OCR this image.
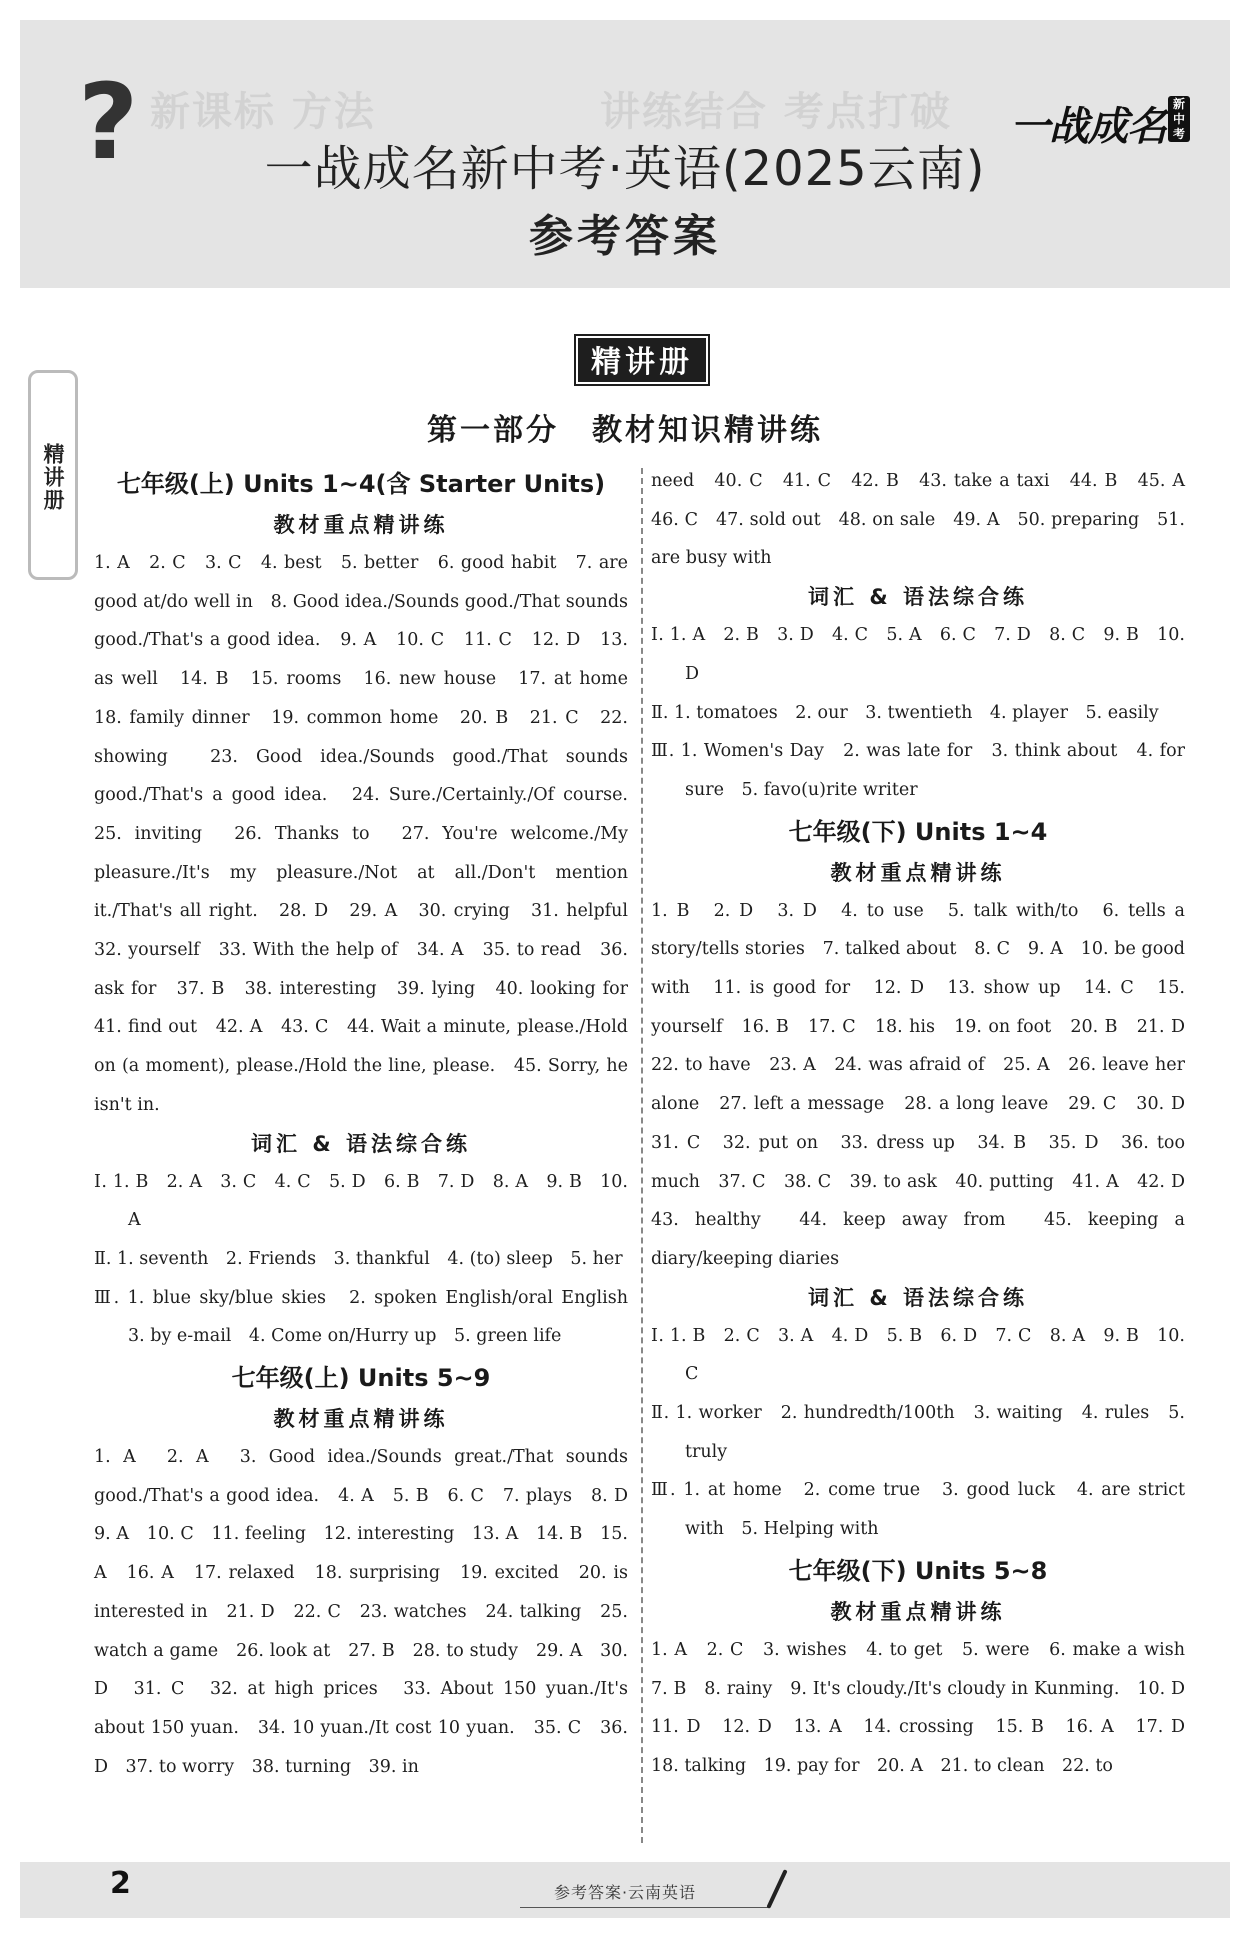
新课标 方法	讲练结合 考点打破
?	一战成名 新中考
一战成名新中考·英语(2025云南)
参考答案
精讲册
精讲册
第一部分　教材知识精讲练
七年级(上) Units 1~4(含 Starter Units)
教材重点精讲练
1. A　2. C　3. C　4. best　5. better　6. good habit　7. are good at/do well in　8. Good idea./Sounds good./That sounds good./That's a good idea.　9. A　10. C　11. C　12. D　13. as well　14. B　15. rooms　16. new house　17. at home　18. family dinner　19. common home　20. B　21. C　22. showing　23. Good idea./Sounds good./That sounds good./That's a good idea.　24. Sure./Certainly./Of course.　25. inviting　26. Thanks to　27. You're welcome./My pleasure./It's my pleasure./Not at all./Don't mention it./That's all right.　28. D　29. A　30. crying　31. helpful　32. yourself　33. With the help of　34. A　35. to read　36. ask for　37. B　38. interesting　39. lying　40. looking for　41. find out　42. A　43. C　44. Wait a minute, please./Hold on (a moment), please./Hold the line, please.　45. Sorry, he isn't in.
词汇 & 语法综合练
Ⅰ. 1. B　2. A　3. C　4. C　5. D　6. B　7. D　8. A　9. B　10. A
Ⅱ. 1. seventh　2. Friends　3. thankful　4. (to) sleep　5. her
Ⅲ. 1. blue sky/blue skies　2. spoken English/oral English　3. by e-mail　4. Come on/Hurry up　5. green life
七年级(上) Units 5~9
教材重点精讲练
1. A　2. A　3. Good idea./Sounds great./That sounds good./That's a good idea.　4. A　5. B　6. C　7. plays　8. D　9. A　10. C　11. feeling　12. interesting　13. A　14. B　15. A　16. A　17. relaxed　18. surprising　19. excited　20. is interested in　21. D　22. C　23. watches　24. talking　25. watch a game　26. look at　27. B　28. to study　29. A　30. D　31. C　32. at high prices　33. About 150 yuan./It's about 150 yuan.　34. 10 yuan./It cost 10 yuan.　35. C　36. D　37. to worry　38. turning　39. in
need　40. C　41. C　42. B　43. take a taxi　44. B　45. A　46. C　47. sold out　48. on sale　49. A　50. preparing　51. are busy with
词汇 & 语法综合练
Ⅰ. 1. A　2. B　3. D　4. C　5. A　6. C　7. D　8. C　9. B　10. D
Ⅱ. 1. tomatoes　2. our　3. twentieth　4. player　5. easily
Ⅲ. 1. Women's Day　2. was late for　3. think about　4. for sure　5. favo(u)rite writer
七年级(下) Units 1~4
教材重点精讲练
1. B　2. D　3. D　4. to use　5. talk with/to　6. tells a story/tells stories　7. talked about　8. C　9. A　10. be good with　11. is good for　12. D　13. show up　14. C　15. yourself　16. B　17. C　18. his　19. on foot　20. B　21. D　22. to have　23. A　24. was afraid of　25. A　26. leave her alone　27. left a message　28. a long leave　29. C　30. D　31. C　32. put on　33. dress up　34. B　35. D　36. too much　37. C　38. C　39. to ask　40. putting　41. A　42. D　43. healthy　44. keep away from　45. keeping a diary/keeping diaries
词汇 & 语法综合练
Ⅰ. 1. B　2. C　3. A　4. D　5. B　6. D　7. C　8. A　9. B　10. C
Ⅱ. 1. worker　2. hundredth/100th　3. waiting　4. rules　5. truly
Ⅲ. 1. at home　2. come true　3. good luck　4. are strict with　5. Helping with
七年级(下) Units 5~8
教材重点精讲练
1. A　2. C　3. wishes　4. to get　5. were　6. make a wish　7. B　8. rainy　9. It's cloudy./It's cloudy in Kunming.　10. D　11. D　12. D　13. A　14. crossing　15. B　16. A　17. D　18. talking　19. pay for　20. A　21. to clean　22. to
2	参考答案·云南英语
